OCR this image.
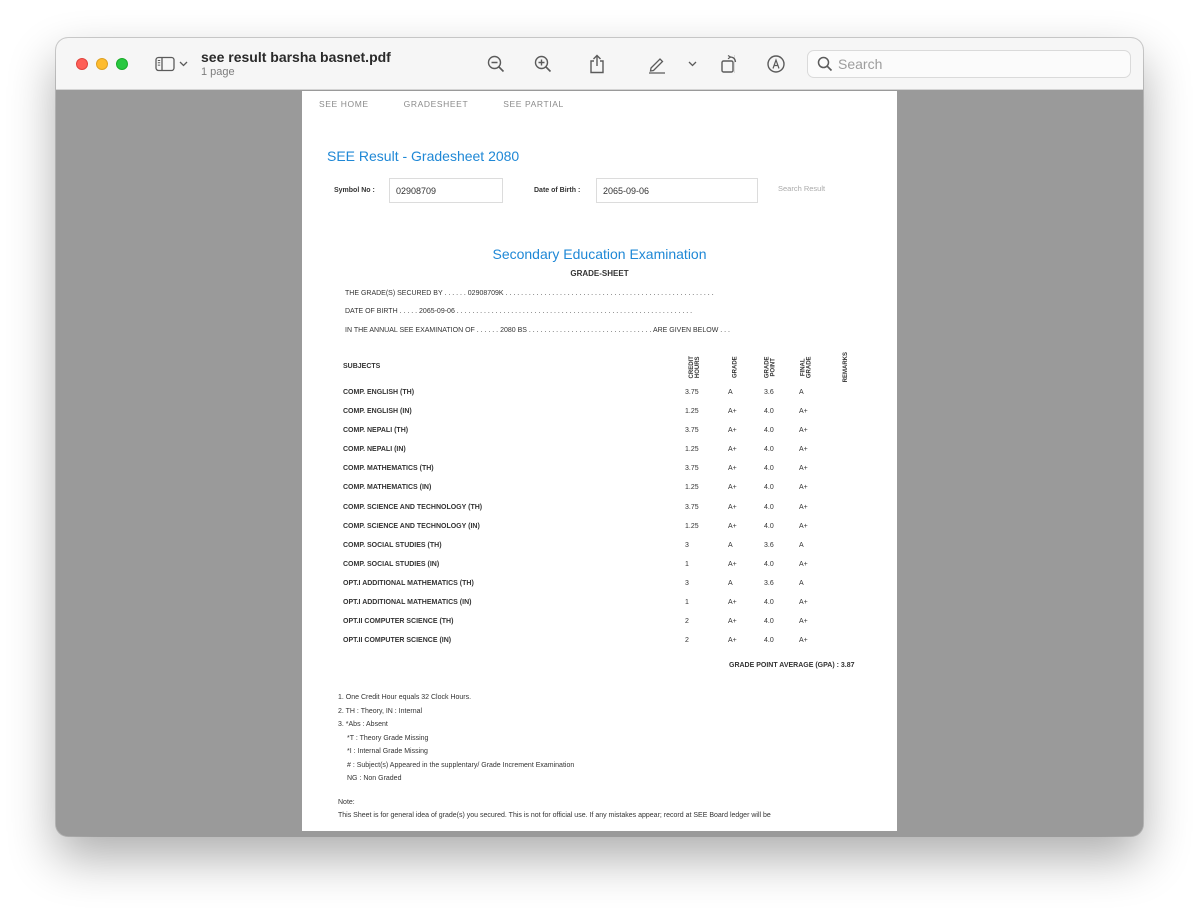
see result barsha basnet.pdf
1 page
Search
SEE HOME	GRADESHEET	SEE PARTIAL
SEE Result - Gradesheet 2080
Symbol No :	02908709	Date of Birth :	2065-09-06	Search Result
Secondary Education Examination
GRADE-SHEET
THE GRADE(S) SECURED BY . . . . . . 02908709K . . . . . . . . . . . . . . . . . . . . . . . . . . . . . . . . . . . . . . . . . . . . . . . . . . . . . .
DATE OF BIRTH . . . . . 2065-09-06 . . . . . . . . . . . . . . . . . . . . . . . . . . . . . . . . . . . . . . . . . . . . . . . . . . . . . . . . . . . . .
IN THE ANNUAL SEE EXAMINATION OF . . . . . . 2080 BS . . . . . . . . . . . . . . . . . . . . . . . . . . . . . . . . ARE GIVEN BELOW . . .
SUBJECTS	CREDIT HOURS	GRADE	GRADE POINT	FINAL GRADE	REMARKS
COMP. ENGLISH (TH)	3.75	A	3.6	A
COMP. ENGLISH (IN)	1.25	A+	4.0	A+
COMP. NEPALI (TH)	3.75	A+	4.0	A+
COMP. NEPALI (IN)	1.25	A+	4.0	A+
COMP. MATHEMATICS (TH)	3.75	A+	4.0	A+
COMP. MATHEMATICS (IN)	1.25	A+	4.0	A+
COMP. SCIENCE AND TECHNOLOGY (TH)	3.75	A+	4.0	A+
COMP. SCIENCE AND TECHNOLOGY (IN)	1.25	A+	4.0	A+
COMP. SOCIAL STUDIES (TH)	3	A	3.6	A
COMP. SOCIAL STUDIES (IN)	1	A+	4.0	A+
OPT.I ADDITIONAL MATHEMATICS (TH)	3	A	3.6	A
OPT.I ADDITIONAL MATHEMATICS (IN)	1	A+	4.0	A+
OPT.II COMPUTER SCIENCE (TH)	2	A+	4.0	A+
OPT.II COMPUTER SCIENCE (IN)	2	A+	4.0	A+
GRADE POINT AVERAGE (GPA) : 3.87
1. One Credit Hour equals 32 Clock Hours.
2. TH : Theory, IN : Internal
3. *Abs : Absent
*T : Theory Grade Missing
*I : Internal Grade Missing
# : Subject(s) Appeared in the supplentary/ Grade Increment Examination
NG : Non Graded
Note:
This Sheet is for general idea of grade(s) you secured. This is not for official use. If any mistakes appear; record at SEE Board ledger will be
